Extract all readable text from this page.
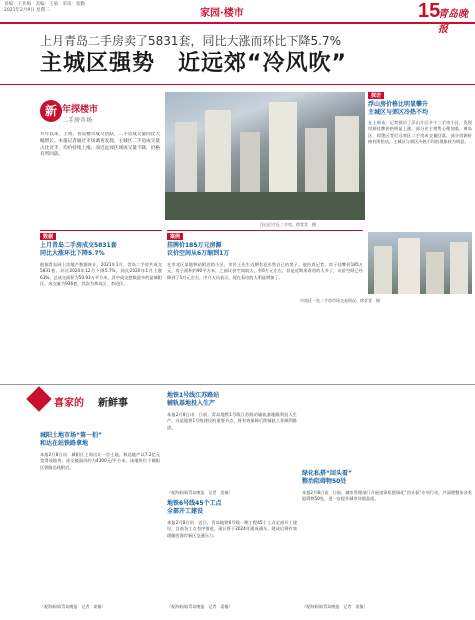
青编：王亚梅　美编：王菊　审读：张勤
2021年2月9日 星期二	家园·楼市	15
青岛晚报
上月青岛二手房卖了5831套，同比大涨而环比下降5.7%
主城区强势　近远郊“冷风吹”
新 年探楼市
二手房市场
开年以来，上周、青岛楼市成交活跃，二手房成交量同比大幅增长。本报记者通过市场调查发现，主城区二手房成交量占比近半，均价持续上涨，而近远郊区域成交量下降，价格有所回落。
浮山后片区二手房。徐青青　摄
探访
浮山房价格比明显攀升
主城区与郊区冷热不均
在上周末，记者探访了浮山片区多个二手房小区，发现房源挂牌价格明显上涨，部分业主惜售心理加重。黄岛区、即墨区等近远郊区二手房成交量回落，部分房源价格有所松动，主城区与郊区冷热不均的现象较为明显。
数据
上月青岛二手房成交5831套
同比大涨环比下降5.7%
根据青岛网上房地产数据统计，2021年1月，青岛二手房共成交5831套，环比2020年12月下降5.7%，同比2020年1月上涨63%。总成交面积为50.93万平方米，其中成交套数最多的是城阳区，成交量为936套，其次为黄岛区、李沧区。
案例
挂牌价185万元房源
议价空间从6万缩到1万
在市北区某地铁站附近的小区，市民王先生近期有意出售自己的房子。他告诉记者，房子挂牌价185万元，房子面积约90平方米，之前议价空间较大，有6万元左右，但是近期来看房的人多了，议价空间已经降到了1万元左右。中介人员表示，现在看房的人明显增加了。
市南区一处二手房市场交易情况。徐青青　摄
喜家的 新鲜事
城阳土地市场“第一拍”
和达在站铁路拿地
本报2月8日讯　城阳区上周出让一宗土地，和达地产以7.2亿元竞得该地块，成交楼面价约为4300元/平方米，该地块位于城阳区铁路沿线附近。
（观海新闻/青岛晚报　记者　姜楠）
地铁1号线江苏路站
辅轨基地投入生产
本报2月8日讯　日前，青岛地铁1号线江苏路站辅轨基地顺利投入生产，这是地铁1号线建设的重要节点，将有效保障后续铺轨工作顺利推进。
（观海新闻/青岛晚报　记者　姜楠）
地铁6号线45个工点
全部开工建设
本报2月8日讯　近日，青岛地铁6号线一期工程45个工点全部开工建设，目前各工点有序推进，预计将于2024年建成通车，建成后将有效缓解西海岸新区交通压力。
（观海新闻/青岛晚报　记者　姜楠）
绿化私搭“回头看”
整治阻碍物50处
本报2月8日讯　日前，城市管理部门开展违章私搭绿化“回头看”专项行动，共清理整治各类阻碍物50处，进一步提升城市环境品质。
（观海新闻/青岛晚报　记者　姜楠）
